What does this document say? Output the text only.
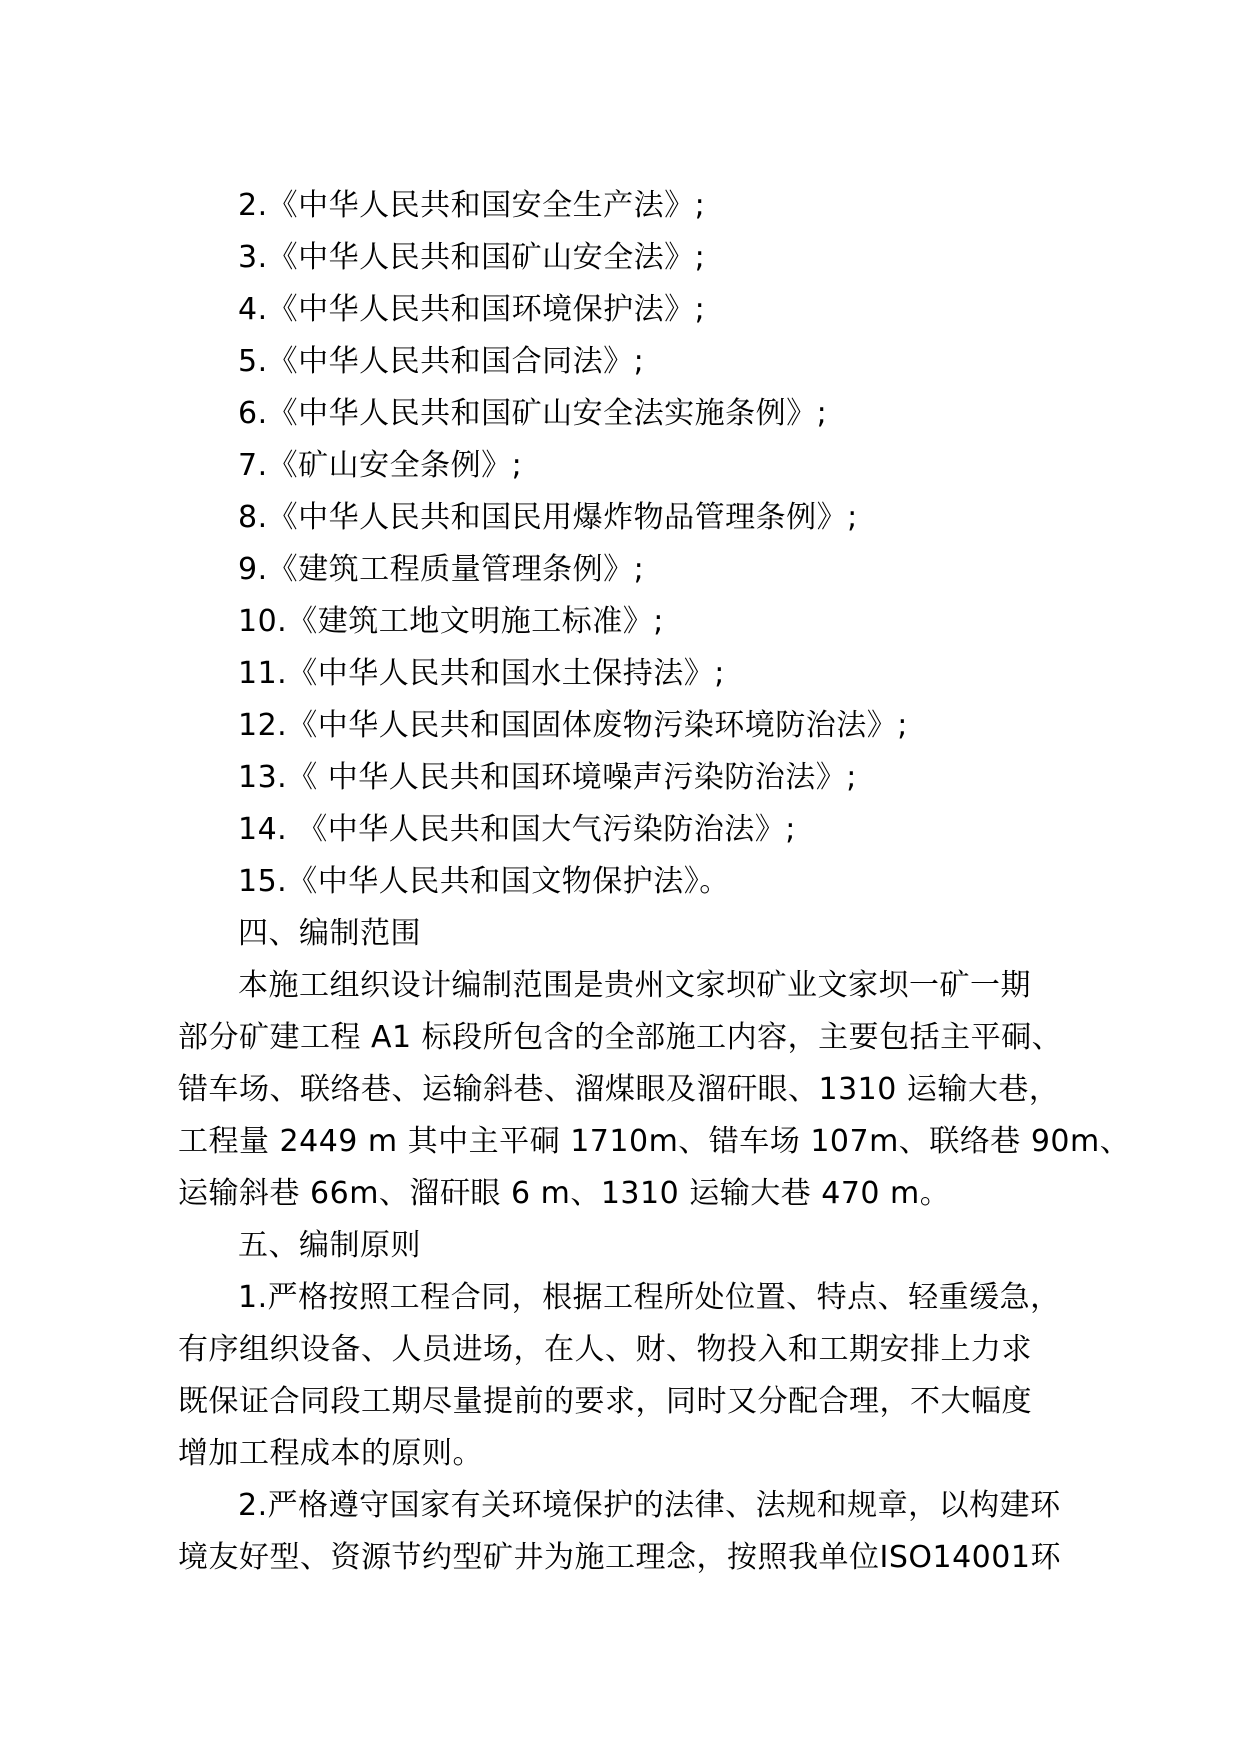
2.《中华人民共和国安全生产法》;
3.《中华人民共和国矿山安全法》;
4.《中华人民共和国环境保护法》;
5.《中华人民共和国合同法》;
6.《中华人民共和国矿山安全法实施条例》;
7.《矿山安全条例》;
8.《中华人民共和国民用爆炸物品管理条例》;
9.《建筑工程质量管理条例》;
10.《建筑工地文明施工标准》;
11.《中华人民共和国水土保持法》;
12.《中华人民共和国固体废物污染环境防治法》;
13.《 中华人民共和国环境噪声污染防治法》;
14. 《中华人民共和国大气污染防治法》;
15.《中华人民共和国文物保护法》。
四、编制范围
本施工组织设计编制范围是贵州文家坝矿业文家坝一矿一期
部分矿建工程 A1 标段所包含的全部施工内容，主要包括主平硐、
错车场、联络巷、运输斜巷、溜煤眼及溜矸眼、1310 运输大巷，
工程量 2449 m 其中主平硐 1710m、错车场 107m、联络巷 90m、
运输斜巷 66m、溜矸眼 6 m、1310 运输大巷 470 m。
五、编制原则
1.严格按照工程合同，根据工程所处位置、特点、轻重缓急，
有序组织设备、人员进场，在人、财、物投入和工期安排上力求
既保证合同段工期尽量提前的要求，同时又分配合理，不大幅度
增加工程成本的原则。
2.严格遵守国家有关环境保护的法律、法规和规章，以构建环
境友好型、资源节约型矿井为施工理念，按照我单位ISO14001环
